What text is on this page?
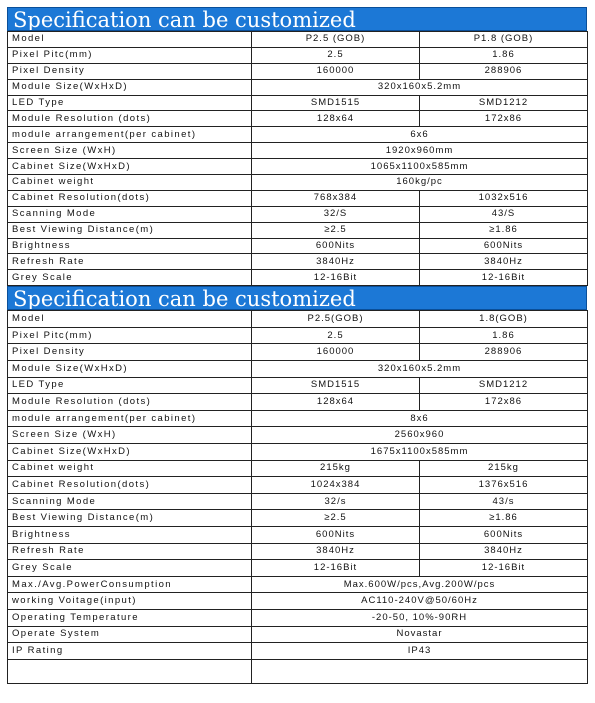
Specification can be customized
Model	P2.5 (GOB)	P1.8 (GOB)
Pixel Pitc(mm)	2.5	1.86
Pixel Density	160000	288906
Module Size(WxHxD)	320x160x5.2mm	
LED Type	SMD1515	SMD1212
Module Resolution (dots)	128x64	172x86
module arrangement(per cabinet)	6x6	
Screen Size (WxH)	1920x960mm	
Cabinet Size(WxHxD)	1065x1100x585mm	
Cabinet weight	160kg/pc	
Cabinet Resolution(dots)	768x384	1032x516
Scanning Mode	32/S	43/S
Best Viewing Distance(m)	≥2.5	≥1.86
Brightness	600Nits	600Nits
Refresh Rate	3840Hz	3840Hz
Grey Scale	12-16Bit	12-16Bit
Specification can be customized
Model	P2.5(GOB)	1.8(GOB)
Pixel Pitc(mm)	2.5	1.86
Pixel Density	160000	288906
Module Size(WxHxD)	320x160x5.2mm	
LED Type	SMD1515	SMD1212
Module Resolution (dots)	128x64	172x86
module arrangement(per cabinet)	8x6	
Screen Size (WxH)	2560x960	
Cabinet Size(WxHxD)	1675x1100x585mm	
Cabinet weight	215kg	215kg
Cabinet Resolution(dots)	1024x384	1376x516
Scanning Mode	32/s	43/s
Best Viewing Distance(m)	≥2.5	≥1.86
Brightness	600Nits	600Nits
Refresh Rate	3840Hz	3840Hz
Grey Scale	12-16Bit	12-16Bit
Max./Avg.PowerConsumption	Max.600W/pcs,Avg.200W/pcs	
working Voitage(input)	AC110-240V@50/60Hz	
Operating Temperature	-20-50, 10%-90RH	
Operate System	Novastar	
IP Rating	IP43	
